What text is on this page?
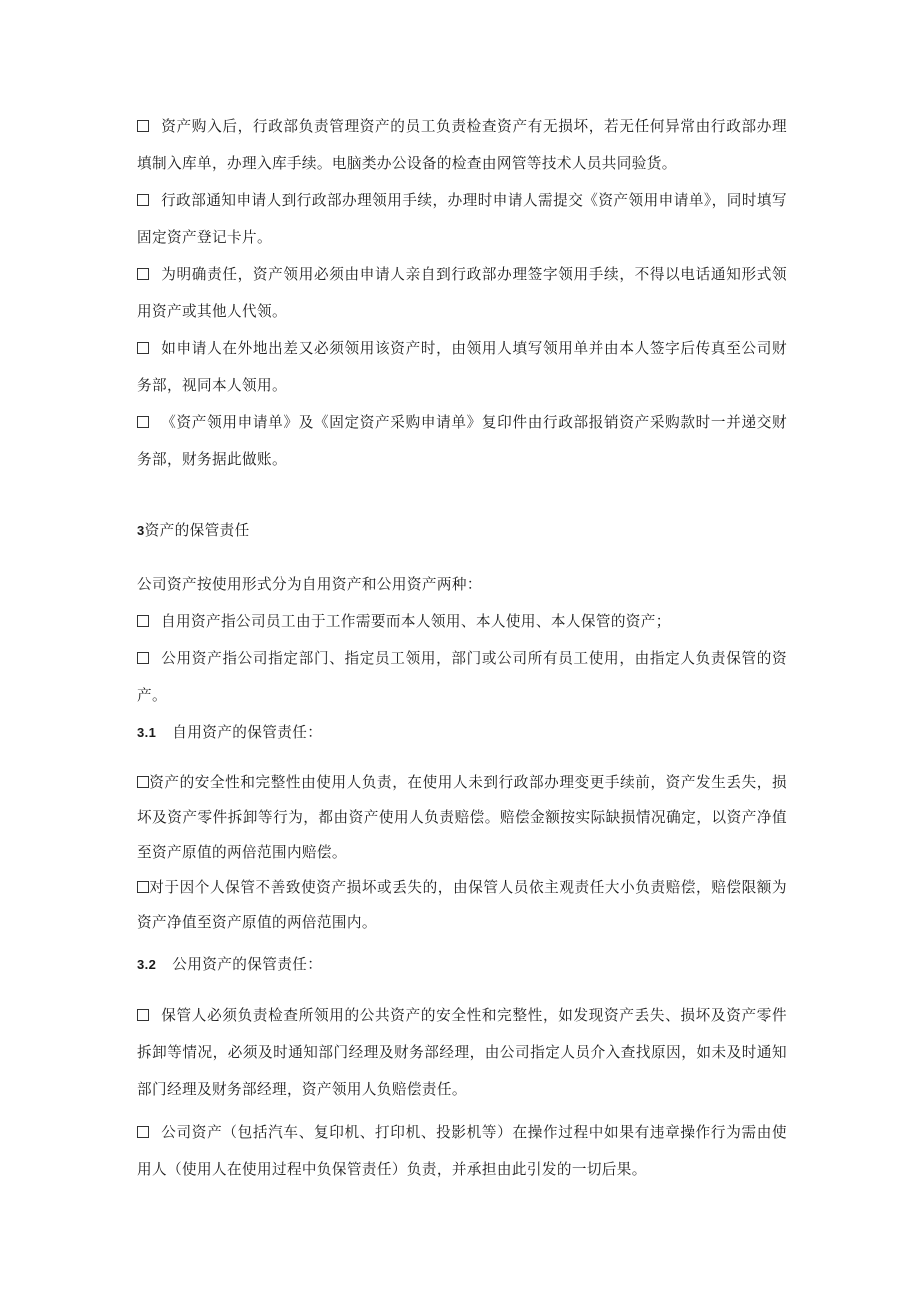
资产购入后，行政部负责管理资产的员工负责检查资产有无损坏，若无任何异常由行政部办理填制入库单，办理入库手续。电脑类办公设备的检查由网管等技术人员共同验货。

行政部通知申请人到行政部办理领用手续，办理时申请人需提交《资产领用申请单》，同时填写固定资产登记卡片。

为明确责任，资产领用必须由申请人亲自到行政部办理签字领用手续，不得以电话通知形式领用资产或其他人代领。

如申请人在外地出差又必须领用该资产时，由领用人填写领用单并由本人签字后传真至公司财务部，视同本人领用。

《资产领用申请单》及《固定资产采购申请单》复印件由行政部报销资产采购款时一并递交财务部，财务据此做账。

3资产的保管责任

公司资产按使用形式分为自用资产和公用资产两种：

自用资产指公司员工由于工作需要而本人领用、本人使用、本人保管的资产；

公用资产指公司指定部门、指定员工领用，部门或公司所有员工使用，由指定人负责保管的资产。

3.1 自用资产的保管责任：

资产的安全性和完整性由使用人负责，在使用人未到行政部办理变更手续前，资产发生丢失，损坏及资产零件拆卸等行为，都由资产使用人负责赔偿。赔偿金额按实际缺损情况确定，以资产净值至资产原值的两倍范围内赔偿。

对于因个人保管不善致使资产损坏或丢失的，由保管人员依主观责任大小负责赔偿，赔偿限额为资产净值至资产原值的两倍范围内。

3.2 公用资产的保管责任：

保管人必须负责检查所领用的公共资产的安全性和完整性，如发现资产丢失、损坏及资产零件拆卸等情况，必须及时通知部门经理及财务部经理，由公司指定人员介入查找原因，如未及时通知部门经理及财务部经理，资产领用人负赔偿责任。

公司资产（包括汽车、复印机、打印机、投影机等）在操作过程中如果有违章操作行为需由使用人（使用人在使用过程中负保管责任）负责，并承担由此引发的一切后果。
